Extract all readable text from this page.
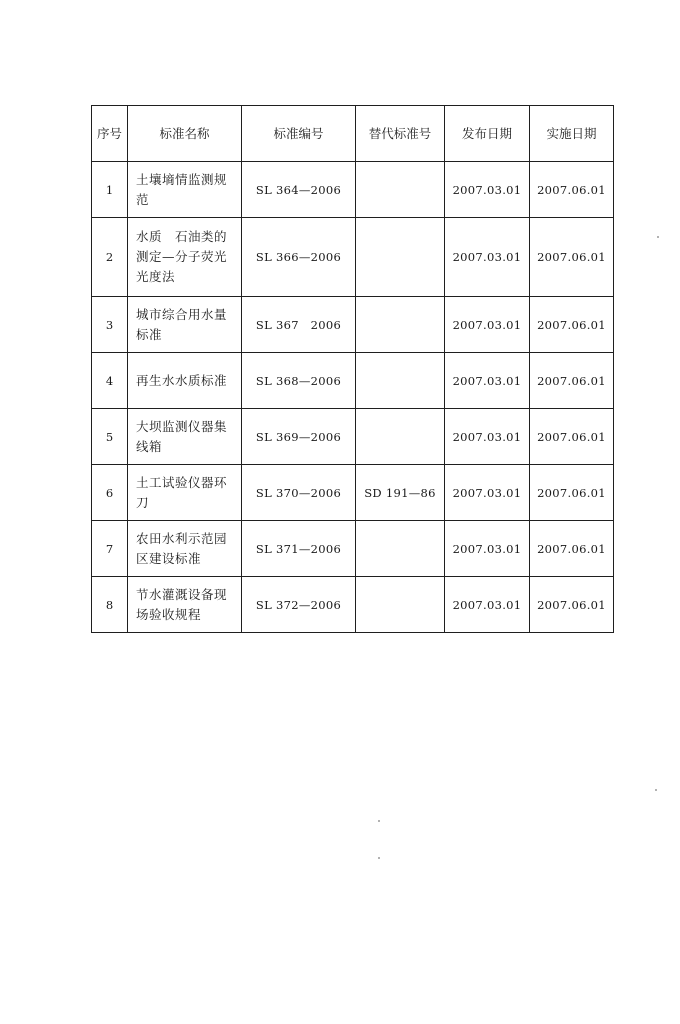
序号	标准名称	标准编号	替代标准号	发布日期	实施日期
1	土壤墒情监测规范	SL 364—2006		2007.03.01	2007.06.01
2	水质　石油类的测定—分子荧光光度法	SL 366—2006		2007.03.01	2007.06.01
3	城市综合用水量标准	SL 367　2006		2007.03.01	2007.06.01
4	再生水水质标准	SL 368—2006		2007.03.01	2007.06.01
5	大坝监测仪器集线箱	SL 369—2006		2007.03.01	2007.06.01
6	土工试验仪器环刀	SL 370—2006	SD 191—86	2007.03.01	2007.06.01
7	农田水利示范园区建设标准	SL 371—2006		2007.03.01	2007.06.01
8	节水灌溉设备现场验收规程	SL 372—2006		2007.03.01	2007.06.01
